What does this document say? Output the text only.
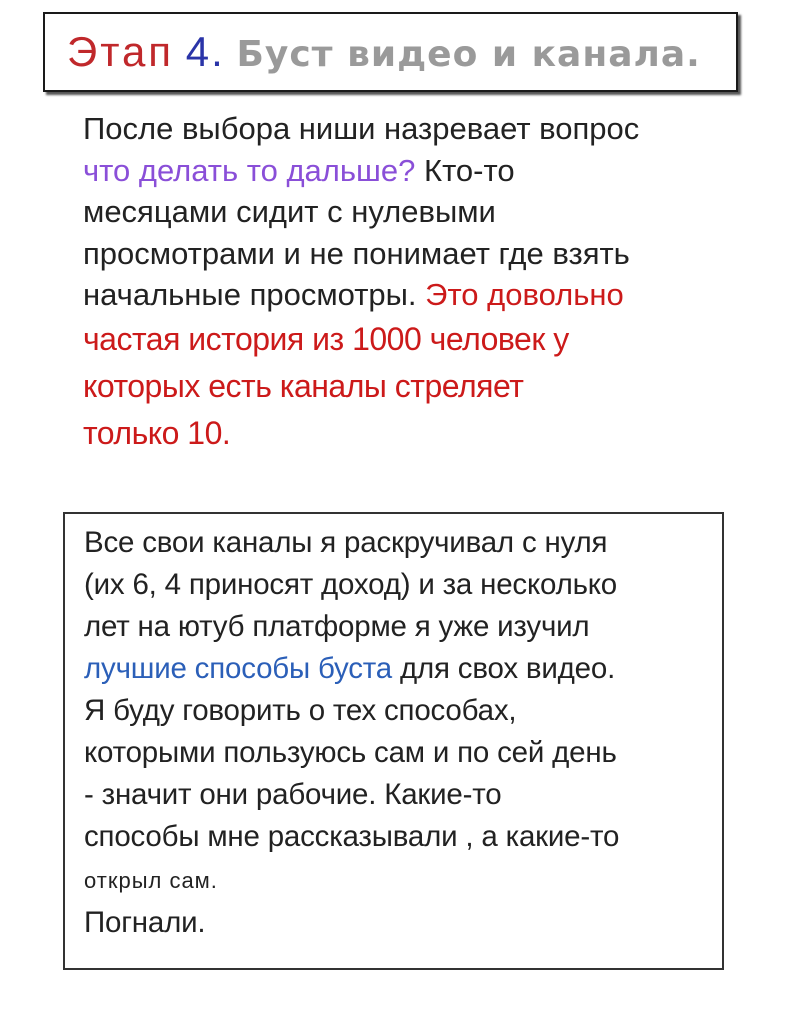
Этап 4. Буст видео и канала.
После выбора ниши назревает вопрос
что делать то дальше? Кто-то
месяцами сидит с нулевыми
просмотрами и не понимает где взять
начальные просмотры. Это довольно
частая история из 1000 человек у
которых есть каналы стреляет
только 10.
Все свои каналы я раскручивал с нуля
(их 6, 4 приносят доход) и за несколько
лет на ютуб платформе я уже изучил
лучшие способы буста для свох видео.
Я буду говорить о тех способах,
которыми пользуюсь сам и по сей день
- значит они рабочие. Какие-то
способы мне рассказывали , а какие-то
открыл сам.
Погнали.
